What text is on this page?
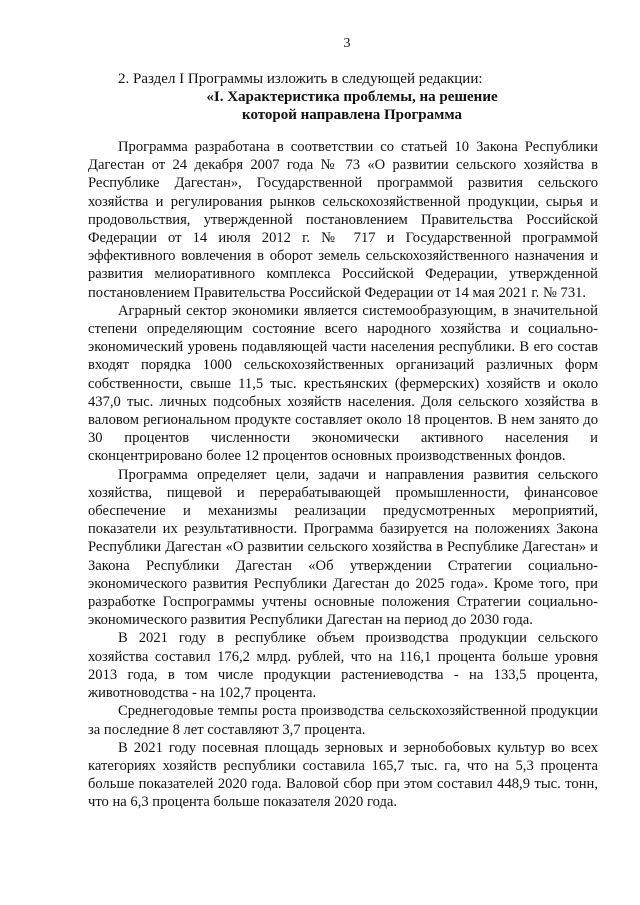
3

2. Раздел I Программы изложить в следующей редакции:

«I. Характеристика проблемы, на решение
которой направлена Программа

Программа разработана в соответствии со статьей 10 Закона Республики Дагестан от 24 декабря 2007 года № 73 «О развитии сельского хозяйства в Республике Дагестан», Государственной программой развития сельского хозяйства и регулирования рынков сельскохозяйственной продукции, сырья и продовольствия, утвержденной постановлением Правительства Российской Федерации от 14 июля 2012 г. № 717 и Государственной программой эффективного вовлечения в оборот земель сельскохозяйственного назначения и развития мелиоративного комплекса Российской Федерации, утвержденной постановлением Правительства Российской Федерации от 14 мая 2021 г. № 731.

Аграрный сектор экономики является системообразующим, в значительной степени определяющим состояние всего народного хозяйства и социально-экономический уровень подавляющей части населения республики. В его состав входят порядка 1000 сельскохозяйственных организаций различных форм собственности, свыше 11,5 тыс. крестьянских (фермерских) хозяйств и около 437,0 тыс. личных подсобных хозяйств населения. Доля сельского хозяйства в валовом региональном продукте составляет около 18 процентов. В нем занято до 30 процентов численности экономически активного населения и сконцентрировано более 12 процентов основных производственных фондов.

Программа определяет цели, задачи и направления развития сельского хозяйства, пищевой и перерабатывающей промышленности, финансовое обеспечение и механизмы реализации предусмотренных мероприятий, показатели их результативности. Программа базируется на положениях Закона Республики Дагестан «О развитии сельского хозяйства в Республике Дагестан» и Закона Республики Дагестан «Об утверждении Стратегии социально-экономического развития Республики Дагестан до 2025 года». Кроме того, при разработке Госпрограммы учтены основные положения Стратегии социально-экономического развития Республики Дагестан на период до 2030 года.

В 2021 году в республике объем производства продукции сельского хозяйства составил 176,2 млрд. рублей, что на 116,1 процента больше уровня 2013 года, в том числе продукции растениеводства - на 133,5 процента, животноводства - на 102,7 процента.

Среднегодовые темпы роста производства сельскохозяйственной продукции за последние 8 лет составляют 3,7 процента.

В 2021 году посевная площадь зерновых и зернобобовых культур во всех категориях хозяйств республики составила 165,7 тыс. га, что на 5,3 процента больше показателей 2020 года. Валовой сбор при этом составил 448,9 тыс. тонн, что на 6,3 процента больше показателя 2020 года.
